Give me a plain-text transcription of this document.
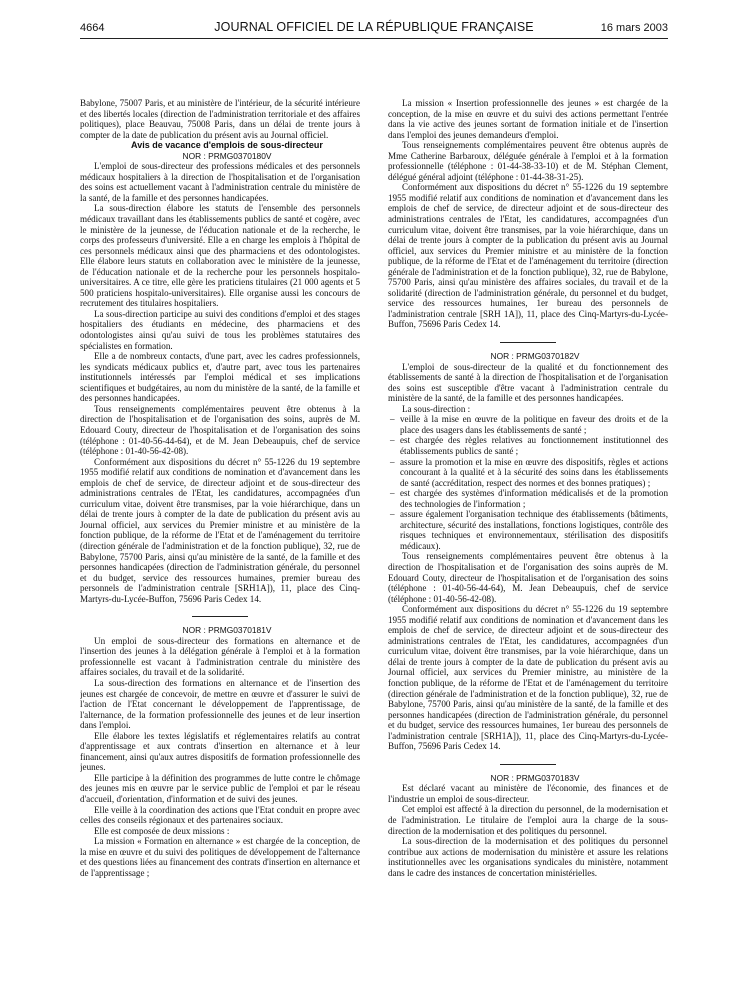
4664	JOURNAL OFFICIEL DE LA RÉPUBLIQUE FRANÇAISE	16 mars 2003

Babylone, 75007 Paris, et au ministère de l'intérieur, de la sécurité intérieure et des libertés locales (direction de l'administration territoriale et des affaires politiques), place Beauvau, 75008 Paris, dans un délai de trente jours à compter de la date de publication du présent avis au Journal officiel.

Avis de vacance d'emplois de sous-directeur

NOR : PRMG0370180V

L'emploi de sous-directeur des professions médicales et des personnels médicaux hospitaliers à la direction de l'hospitalisation et de l'organisation des soins est actuellement vacant à l'administration centrale du ministère de la santé, de la famille et des personnes handicapées.

La sous-direction élabore les statuts de l'ensemble des personnels médicaux travaillant dans les établissements publics de santé et cogère, avec le ministère de la jeunesse, de l'éducation nationale et de la recherche, le corps des professeurs d'université. Elle a en charge les emplois à l'hôpital de ces personnels médicaux ainsi que des pharmaciens et des odontologistes. Elle élabore leurs statuts en collaboration avec le ministère de la jeunesse, de l'éducation nationale et de la recherche pour les personnels hospitalo-universitaires. A ce titre, elle gère les praticiens titulaires (21 000 agents et 5 500 praticiens hospitalo-universitaires). Elle organise aussi les concours de recrutement des titulaires hospitaliers.

La sous-direction participe au suivi des conditions d'emploi et des stages hospitaliers des étudiants en médecine, des pharmaciens et des odontologistes ainsi qu'au suivi de tous les problèmes statutaires des spécialistes en formation.

Elle a de nombreux contacts, d'une part, avec les cadres professionnels, les syndicats médicaux publics et, d'autre part, avec tous les partenaires institutionnels intéressés par l'emploi médical et ses implications scientifiques et budgétaires, au nom du ministère de la santé, de la famille et des personnes handicapées.

Tous renseignements complémentaires peuvent être obtenus à la direction de l'hospitalisation et de l'organisation des soins, auprès de M. Edouard Couty, directeur de l'hospitalisation et de l'organisation des soins (téléphone : 01-40-56-44-64), et de M. Jean Debeaupuis, chef de service (téléphone : 01-40-56-42-08).

Conformément aux dispositions du décret n° 55-1226 du 19 septembre 1955 modifié relatif aux conditions de nomination et d'avancement dans les emplois de chef de service, de directeur adjoint et de sous-directeur des administrations centrales de l'Etat, les candidatures, accompagnées d'un curriculum vitae, doivent être transmises, par la voie hiérarchique, dans un délai de trente jours à compter de la date de publication du présent avis au Journal officiel, aux services du Premier ministre et au ministère de la fonction publique, de la réforme de l'Etat et de l'aménagement du territoire (direction générale de l'administration et de la fonction publique), 32, rue de Babylone, 75700 Paris, ainsi qu'au ministère de la santé, de la famille et des personnes handicapées (direction de l'administration générale, du personnel et du budget, service des ressources humaines, premier bureau des personnels de l'administration centrale [SRH1A]), 11, place des Cinq-Martyrs-du-Lycée-Buffon, 75696 Paris Cedex 14.

NOR : PRMG0370181V

Un emploi de sous-directeur des formations en alternance et de l'insertion des jeunes à la délégation générale à l'emploi et à la formation professionnelle est vacant à l'administration centrale du ministère des affaires sociales, du travail et de la solidarité.

La sous-direction des formations en alternance et de l'insertion des jeunes est chargée de concevoir, de mettre en œuvre et d'assurer le suivi de l'action de l'Etat concernant le développement de l'apprentissage, de l'alternance, de la formation professionnelle des jeunes et de leur insertion dans l'emploi.

Elle élabore les textes législatifs et réglementaires relatifs au contrat d'apprentissage et aux contrats d'insertion en alternance et à leur financement, ainsi qu'aux autres dispositifs de formation professionnelle des jeunes.

Elle participe à la définition des programmes de lutte contre le chômage des jeunes mis en œuvre par le service public de l'emploi et par le réseau d'accueil, d'orientation, d'information et de suivi des jeunes.

Elle veille à la coordination des actions que l'Etat conduit en propre avec celles des conseils régionaux et des partenaires sociaux.

Elle est composée de deux missions :

La mission « Formation en alternance » est chargée de la conception, de la mise en œuvre et du suivi des politiques de développement de l'alternance et des questions liées au financement des contrats d'insertion en alternance et de l'apprentissage ;

La mission « Insertion professionnelle des jeunes » est chargée de la conception, de la mise en œuvre et du suivi des actions permettant l'entrée dans la vie active des jeunes sortant de formation initiale et de l'insertion dans l'emploi des jeunes demandeurs d'emploi.

Tous renseignements complémentaires peuvent être obtenus auprès de Mme Catherine Barbaroux, déléguée générale à l'emploi et à la formation professionnelle (téléphone : 01-44-38-33-10) et de M. Stéphan Clement, délégué général adjoint (téléphone : 01-44-38-31-25).

Conformément aux dispositions du décret n° 55-1226 du 19 septembre 1955 modifié relatif aux conditions de nomination et d'avancement dans les emplois de chef de service, de directeur adjoint et de sous-directeur des administrations centrales de l'Etat, les candidatures, accompagnées d'un curriculum vitae, doivent être transmises, par la voie hiérarchique, dans un délai de trente jours à compter de la publication du présent avis au Journal officiel, aux services du Premier ministre et au ministère de la fonction publique, de la réforme de l'Etat et de l'aménagement du territoire (direction générale de l'administration et de la fonction publique), 32, rue de Babylone, 75700 Paris, ainsi qu'au ministère des affaires sociales, du travail et de la solidarité (direction de l'administration générale, du personnel et du budget, service des ressources humaines, 1er bureau des personnels de l'administration centrale [SRH 1A]), 11, place des Cinq-Martyrs-du-Lycée-Buffon, 75696 Paris Cedex 14.

NOR : PRMG0370182V

L'emploi de sous-directeur de la qualité et du fonctionnement des établissements de santé à la direction de l'hospitalisation et de l'organisation des soins est susceptible d'être vacant à l'administration centrale du ministère de la santé, de la famille et des personnes handicapées.

La sous-direction :

– veille à la mise en œuvre de la politique en faveur des droits et de la place des usagers dans les établissements de santé ;
– est chargée des règles relatives au fonctionnement institutionnel des établissements publics de santé ;
– assure la promotion et la mise en œuvre des dispositifs, règles et actions concourant à la qualité et à la sécurité des soins dans les établissements de santé (accréditation, respect des normes et des bonnes pratiques) ;
– est chargée des systèmes d'information médicalisés et de la promotion des technologies de l'information ;
– assure également l'organisation technique des établissements (bâtiments, architecture, sécurité des installations, fonctions logistiques, contrôle des risques techniques et environnementaux, stérilisation des dispositifs médicaux).

Tous renseignements complémentaires peuvent être obtenus à la direction de l'hospitalisation et de l'organisation des soins auprès de M. Edouard Couty, directeur de l'hospitalisation et de l'organisation des soins (téléphone : 01-40-56-44-64), M. Jean Debeaupuis, chef de service (téléphone : 01-40-56-42-08).

Conformément aux dispositions du décret n° 55-1226 du 19 septembre 1955 modifié relatif aux conditions de nomination et d'avancement dans les emplois de chef de service, de directeur adjoint et de sous-directeur des administrations centrales de l'Etat, les candidatures, accompagnées d'un curriculum vitae, doivent être transmises, par la voie hiérarchique, dans un délai de trente jours à compter de la date de publication du présent avis au Journal officiel, aux services du Premier ministre, au ministère de la fonction publique, de la réforme de l'Etat et de l'aménagement du territoire (direction générale de l'administration et de la fonction publique), 32, rue de Babylone, 75700 Paris, ainsi qu'au ministère de la santé, de la famille et des personnes handicapées (direction de l'administration générale, du personnel et du budget, service des ressources humaines, 1er bureau des personnels de l'administration centrale [SRH1A]), 11, place des Cinq-Martyrs-du-Lycée-Buffon, 75696 Paris Cedex 14.

NOR : PRMG0370183V

Est déclaré vacant au ministère de l'économie, des finances et de l'industrie un emploi de sous-directeur.

Cet emploi est affecté à la direction du personnel, de la modernisation et de l'administration. Le titulaire de l'emploi aura la charge de la sous-direction de la modernisation et des politiques du personnel.

La sous-direction de la modernisation et des politiques du personnel contribue aux actions de modernisation du ministère et assure les relations institutionnelles avec les organisations syndicales du ministère, notamment dans le cadre des instances de concertation ministérielles.
